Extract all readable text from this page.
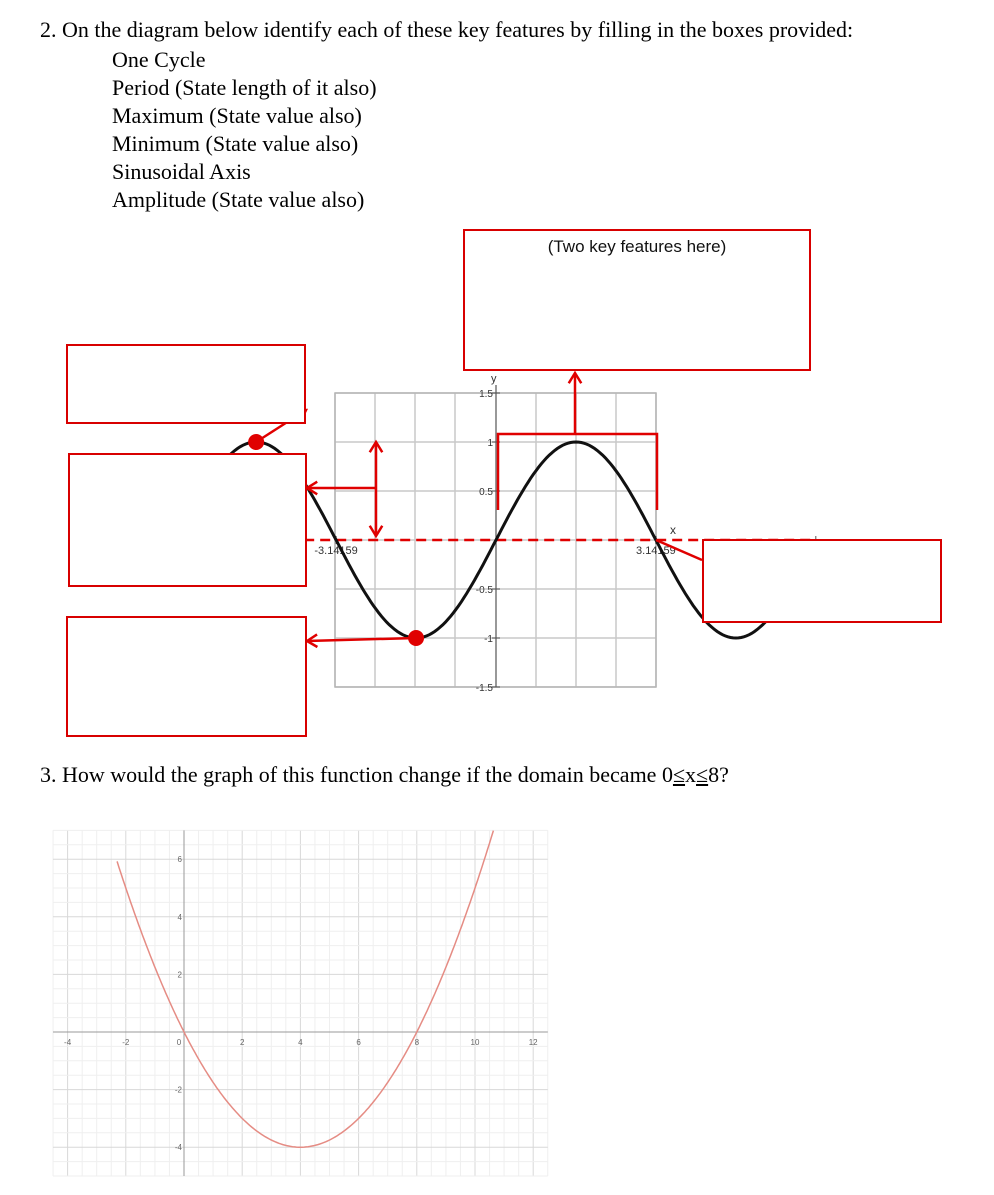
2. On the diagram below identify each of these key features by filling in the boxes provided:
One Cycle
Period (State length of it also)
Maximum (State value also)
Minimum (State value also)
Sinusoidal Axis
Amplitude (State value also)
1.5
1
0.5
-0.5
-1
-1.5
y
x
-3.14159	3.14159
(Two key features here)
3. How would the graph of this function change if the domain became 0≤x≤8?
-4	-2	0	2	4	6	8	10	12
6
4
2
-2
-4
